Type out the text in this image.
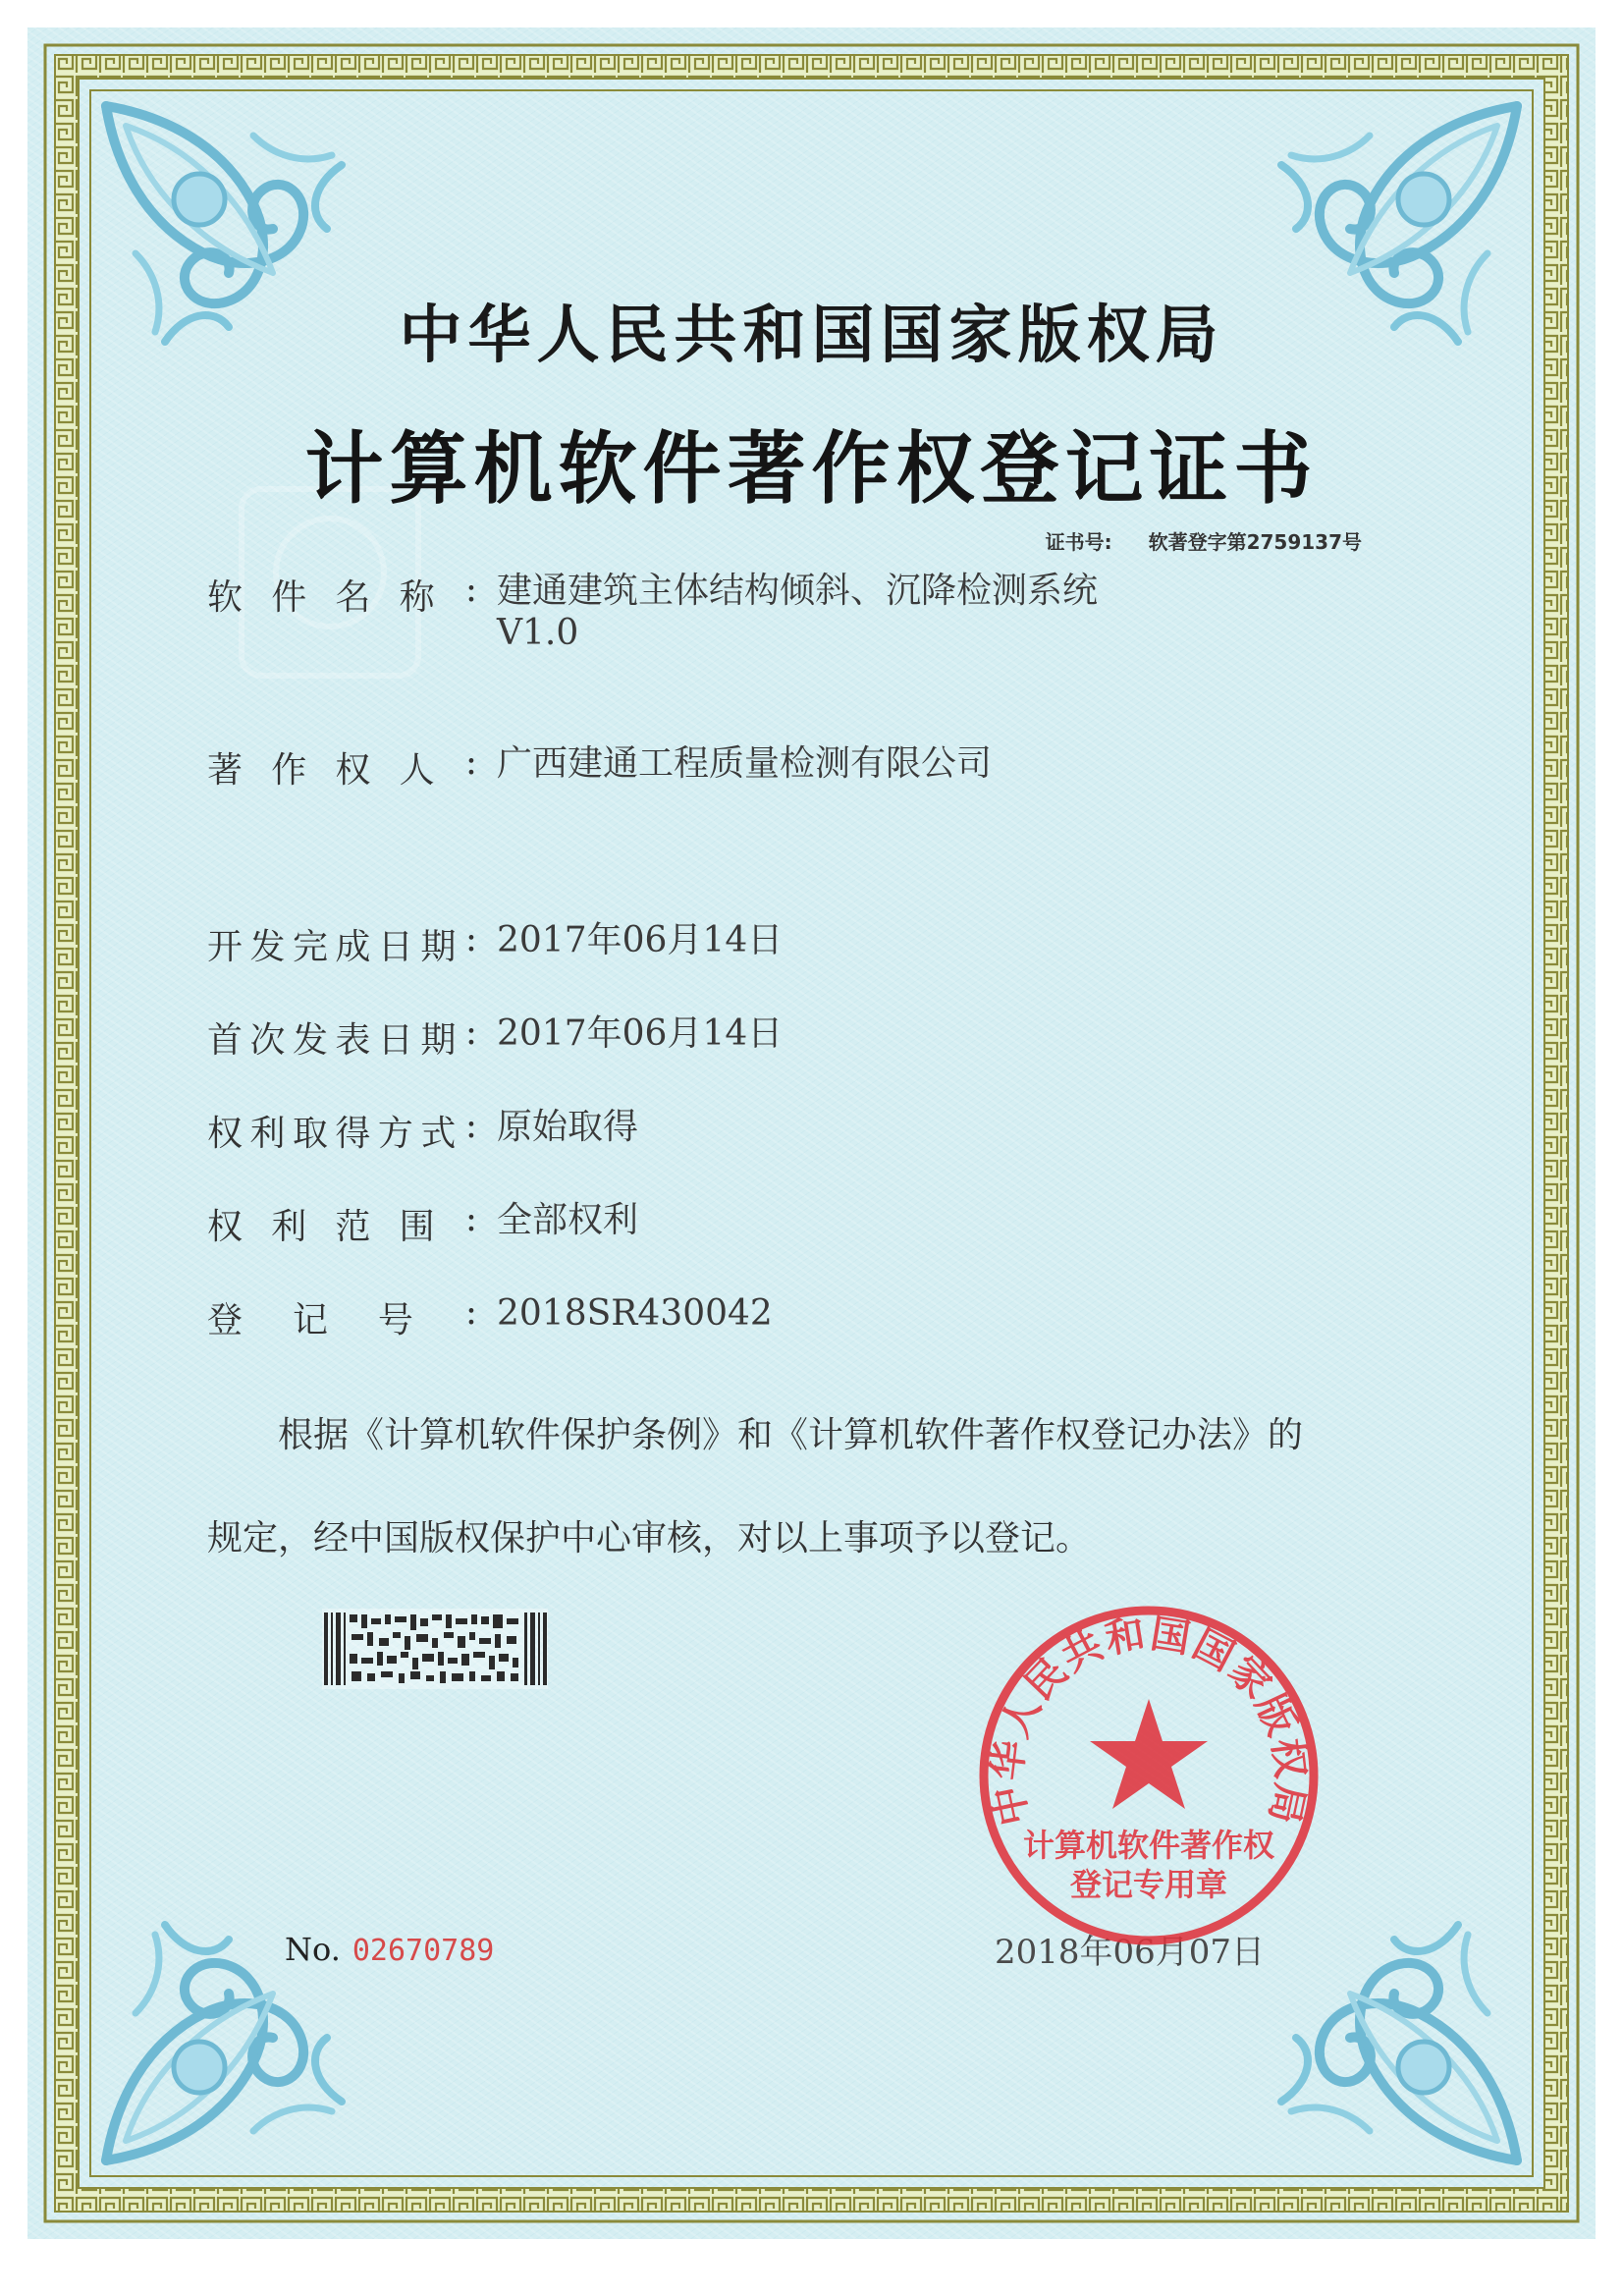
中华人民共和国国家版权局
计算机软件著作权登记证书
证书号: 软著登字第2759137号
软 件 名 称 : 建通建筑主体结构倾斜、沉降检测系统
V1.0
著 作 权 人 : 广西建通工程质量检测有限公司
开 发 完 成 日 期 : 2017年06月14日
首 次 发 表 日 期 : 2017年06月14日
权 利 取 得 方 式 : 原始取得
权 利 范 围 : 全部权利
登 记 号 : 2018SR430042
根据《计算机软件保护条例》和《计算机软件著作权登记办法》的
规定，经中国版权保护中心审核，对以上事项予以登记。
No. 02670789	2018年06月07日
中华人民共和国国家版权局
计算机软件著作权
登记专用章
